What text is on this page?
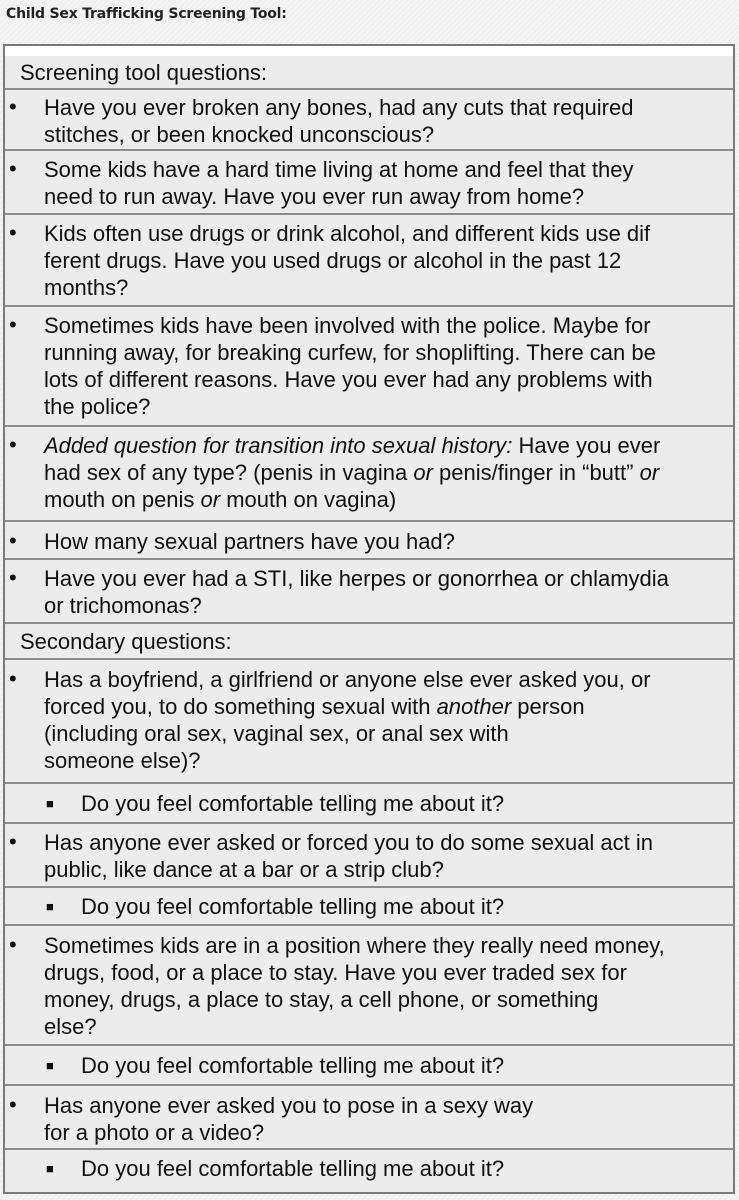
Child Sex Trafficking Screening Tool:
Screening tool questions:
• Have you ever broken any bones, had any cuts that required
stitches, or been knocked unconscious?
• Some kids have a hard time living at home and feel that they
need to run away. Have you ever run away from home?
• Kids often use drugs or drink alcohol, and different kids use dif
ferent drugs. Have you used drugs or alcohol in the past 12
months?
• Sometimes kids have been involved with the police. Maybe for
running away, for breaking curfew, for shoplifting. There can be
lots of different reasons. Have you ever had any problems with
the police?
• Added question for transition into sexual history: Have you ever
had sex of any type? (penis in vagina or penis/finger in “butt” or
mouth on penis or mouth on vagina)
• How many sexual partners have you had?
• Have you ever had a STI, like herpes or gonorrhea or chlamydia
or trichomonas?
Secondary questions:
• Has a boyfriend, a girlfriend or anyone else ever asked you, or
forced you, to do something sexual with another person
(including oral sex, vaginal sex, or anal sex with
someone else)?
■ Do you feel comfortable telling me about it?
• Has anyone ever asked or forced you to do some sexual act in
public, like dance at a bar or a strip club?
■ Do you feel comfortable telling me about it?
• Sometimes kids are in a position where they really need money,
drugs, food, or a place to stay. Have you ever traded sex for
money, drugs, a place to stay, a cell phone, or something
else?
■ Do you feel comfortable telling me about it?
• Has anyone ever asked you to pose in a sexy way
for a photo or a video?
■ Do you feel comfortable telling me about it?
